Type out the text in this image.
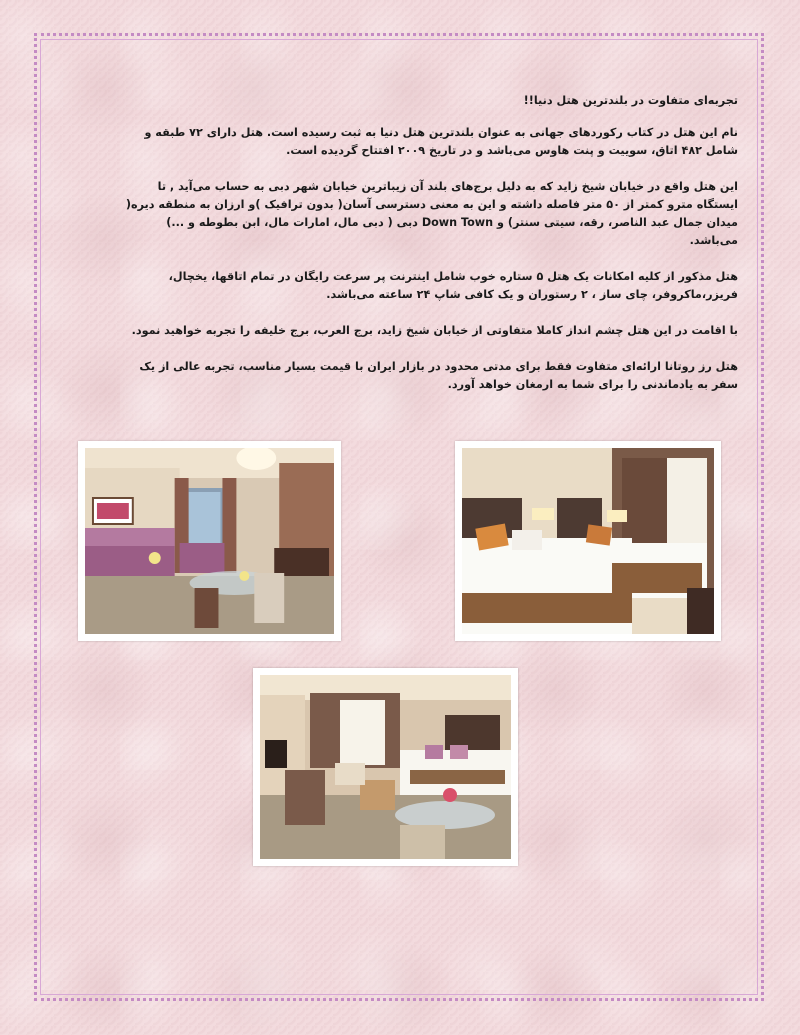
تجربه‌ای متفاوت در بلندترین هتل دنیا!!

نام این هتل در کتاب رکوردهای جهانی به عنوان بلندترین هتل دنیا به ثبت رسیده است. هتل دارای ۷۲ طبقه و شامل ۴۸۲ اتاق، سوییت و پنت هاوس می‌باشد و در تاریخ ۲۰۰۹ افتتاح گردیده است.

این هتل واقع در خیابان شیخ زاید که به دلیل برج‌های بلند آن زیباترین خیابان شهر دبی به حساب می‌آید , تا ایستگاه مترو کمتر از ۵۰ متر فاصله داشته و این به معنی دسترسی آسان( بدون ترافیک )و ارزان به منطقه دیره( میدان جمال عبد الناصر، رقه، سیتی سنتر) و Down Town دبی ( دبی مال، امارات مال، ابن بطوطه و ...) می‌باشد.

هتل مذکور از کلیه امکانات یک هتل ۵ ستاره خوب شامل اینترنت پر سرعت رایگان در تمام اتاقها، یخچال، فریزر،ماکروفر، چای ساز ، ۲ رستوران و یک کافی شاپ ۲۴ ساعته می‌باشد.

با اقامت در این هتل چشم انداز کاملا متفاوتی از خیابان شیخ زاید، برج العرب، برج خلیفه را تجربه خواهید نمود.

هتل رز روتانا ارائه‌ای متفاوت فقط برای مدتی محدود در بازار ایران با قیمت بسیار مناسب، تجربه عالی از یک سفر به یادماندنی را برای شما به ارمغان خواهد آورد.
